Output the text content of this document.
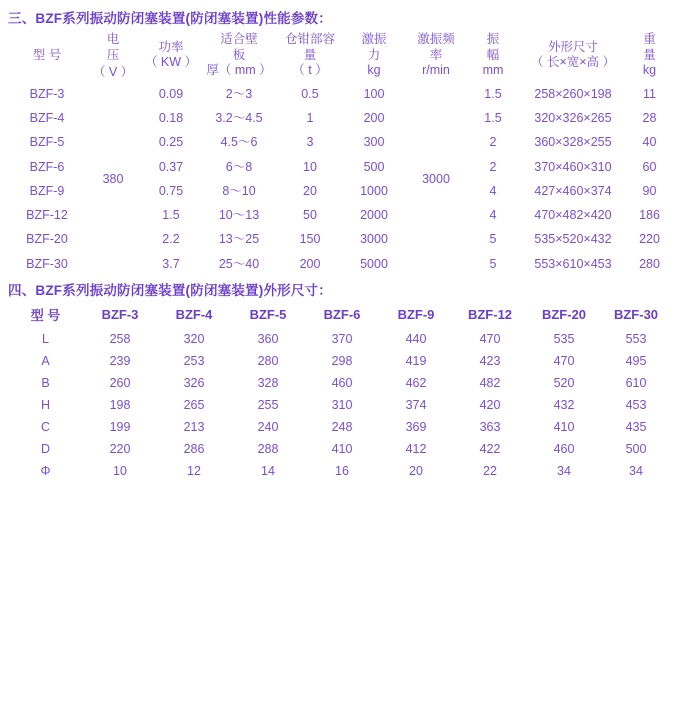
三、BZF系列振动防闭塞装置(防闭塞装置)性能参数：
型 号

电
压
（ V ）

功率
（ KW ）

适合壁
板
厚（ mm ）

仓钳部容
量
（ t ）

激振
力
kg

激振频
率
r/min

振
幅
mm

外形尺寸
（ 长×宽×高 ）

重
量
kg

BZF-3	380	0.09	2～3	0.5	100	3000	1.5	258×260×198	11
BZF-4		0.18	3.2～4.5	1	200		1.5	320×326×265	28
BZF-5		0.25	4.5～6	3	300		2	360×328×255	40
BZF-6		0.37	6～8	10	500		2	370×460×310	60
BZF-9		0.75	8～10	20	1000		4	427×460×374	90
BZF-12		1.5	10～13	50	2000		4	470×482×420	186
BZF-20		2.2	13～25	150	3000		5	535×520×432	220
BZF-30		3.7	25～40	200	5000		5	553×610×453	280
四、BZF系列振动防闭塞装置(防闭塞装置)外形尺寸：
型 号	BZF-3	BZF-4	BZF-5	BZF-6	BZF-9	BZF-12	BZF-20	BZF-30
L	258	320	360	370	440	470	535	553
A	239	253	280	298	419	423	470	495
B	260	326	328	460	462	482	520	610
H	198	265	255	310	374	420	432	453
C	199	213	240	248	369	363	410	435
D	220	286	288	410	412	422	460	500
Φ	10	12	14	16	20	22	34	34
